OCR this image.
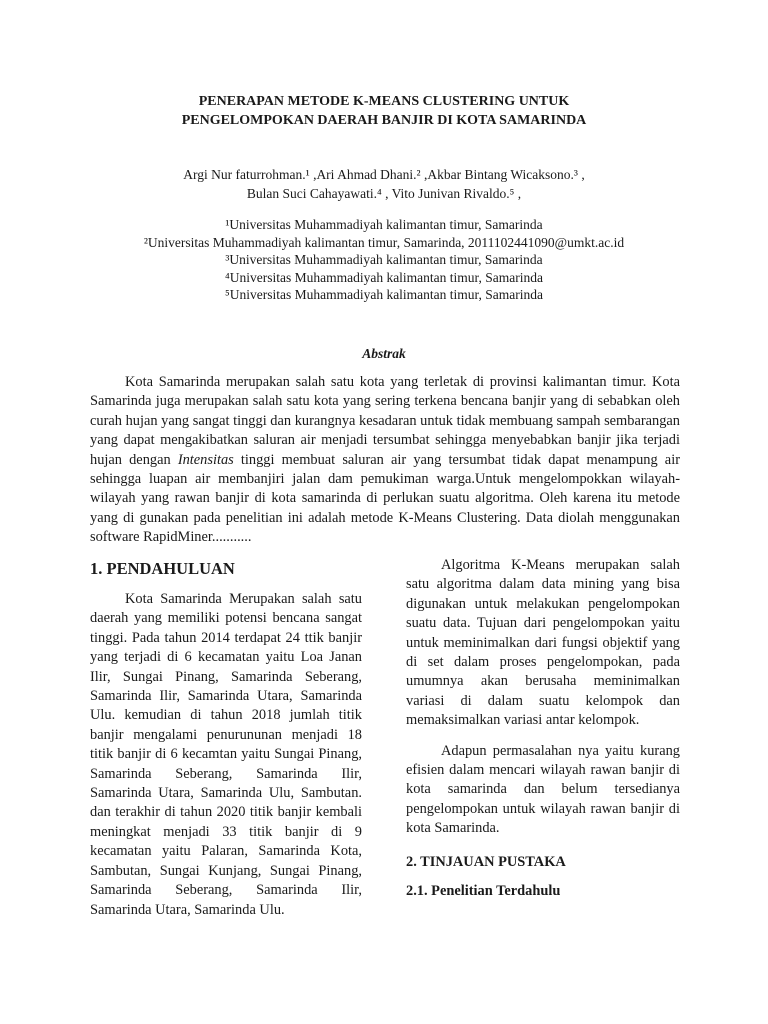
PENERAPAN METODE K-MEANS CLUSTERING UNTUK
PENGELOMPOKAN DAERAH BANJIR DI KOTA SAMARINDA
Argi Nur faturrohman.¹ ,Ari Ahmad Dhani.² ,Akbar Bintang Wicaksono.³ ,
Bulan Suci Cahayawati.⁴ , Vito Junivan Rivaldo.⁵ ,
¹Universitas Muhammadiyah kalimantan timur, Samarinda
²Universitas Muhammadiyah kalimantan timur, Samarinda, 2011102441090@umkt.ac.id
³Universitas Muhammadiyah kalimantan timur, Samarinda
⁴Universitas Muhammadiyah kalimantan timur, Samarinda
⁵Universitas Muhammadiyah kalimantan timur, Samarinda
Abstrak

Kota Samarinda merupakan salah satu kota yang terletak di provinsi kalimantan timur. Kota Samarinda juga merupakan salah satu kota yang sering terkena bencana banjir yang di sebabkan oleh curah hujan yang sangat tinggi dan kurangnya kesadaran untuk tidak membuang sampah sembarangan yang dapat mengakibatkan saluran air menjadi tersumbat sehingga menyebabkan banjir jika terjadi hujan dengan Intensitas tinggi membuat saluran air yang tersumbat tidak dapat menampung air sehingga luapan air membanjiri jalan dam pemukiman warga.Untuk mengelompokkan wilayah-wilayah yang rawan banjir di kota samarinda di perlukan suatu algoritma. Oleh karena itu metode yang di gunakan pada penelitian ini adalah metode K-Means Clustering. Data diolah menggunakan software RapidMiner...........

1. PENDAHULUAN

Kota Samarinda Merupakan salah satu daerah yang memiliki potensi bencana sangat tinggi. Pada tahun 2014 terdapat 24 ttik banjir yang terjadi di 6 kecamatan yaitu Loa Janan Ilir, Sungai Pinang, Samarinda Seberang, Samarinda Ilir, Samarinda Utara, Samarinda Ulu. kemudian di tahun 2018 jumlah titik banjir mengalami penurununan menjadi 18 titik banjir di 6 kecamtan yaitu Sungai Pinang, Samarinda Seberang, Samarinda Ilir, Samarinda Utara, Samarinda Ulu, Sambutan. dan terakhir di tahun 2020 titik banjir kembali meningkat menjadi 33 titik banjir di 9 kecamatan yaitu Palaran, Samarinda Kota, Sambutan, Sungai Kunjang, Sungai Pinang, Samarinda Seberang, Samarinda Ilir, Samarinda Utara, Samarinda Ulu.

Algoritma K-Means merupakan salah satu algoritma dalam data mining yang bisa digunakan untuk melakukan pengelompokan suatu data. Tujuan dari pengelompokan yaitu untuk meminimalkan dari fungsi objektif yang di set dalam proses pengelompokan, pada umumnya akan berusaha meminimalkan variasi di dalam suatu kelompok dan memaksimalkan variasi antar kelompok.

Adapun permasalahan nya yaitu kurang efisien dalam mencari wilayah rawan banjir di kota samarinda dan belum tersedianya pengelompokan untuk wilayah rawan banjir di kota Samarinda.

2. TINJAUAN PUSTAKA
2.1. Penelitian Terdahulu
